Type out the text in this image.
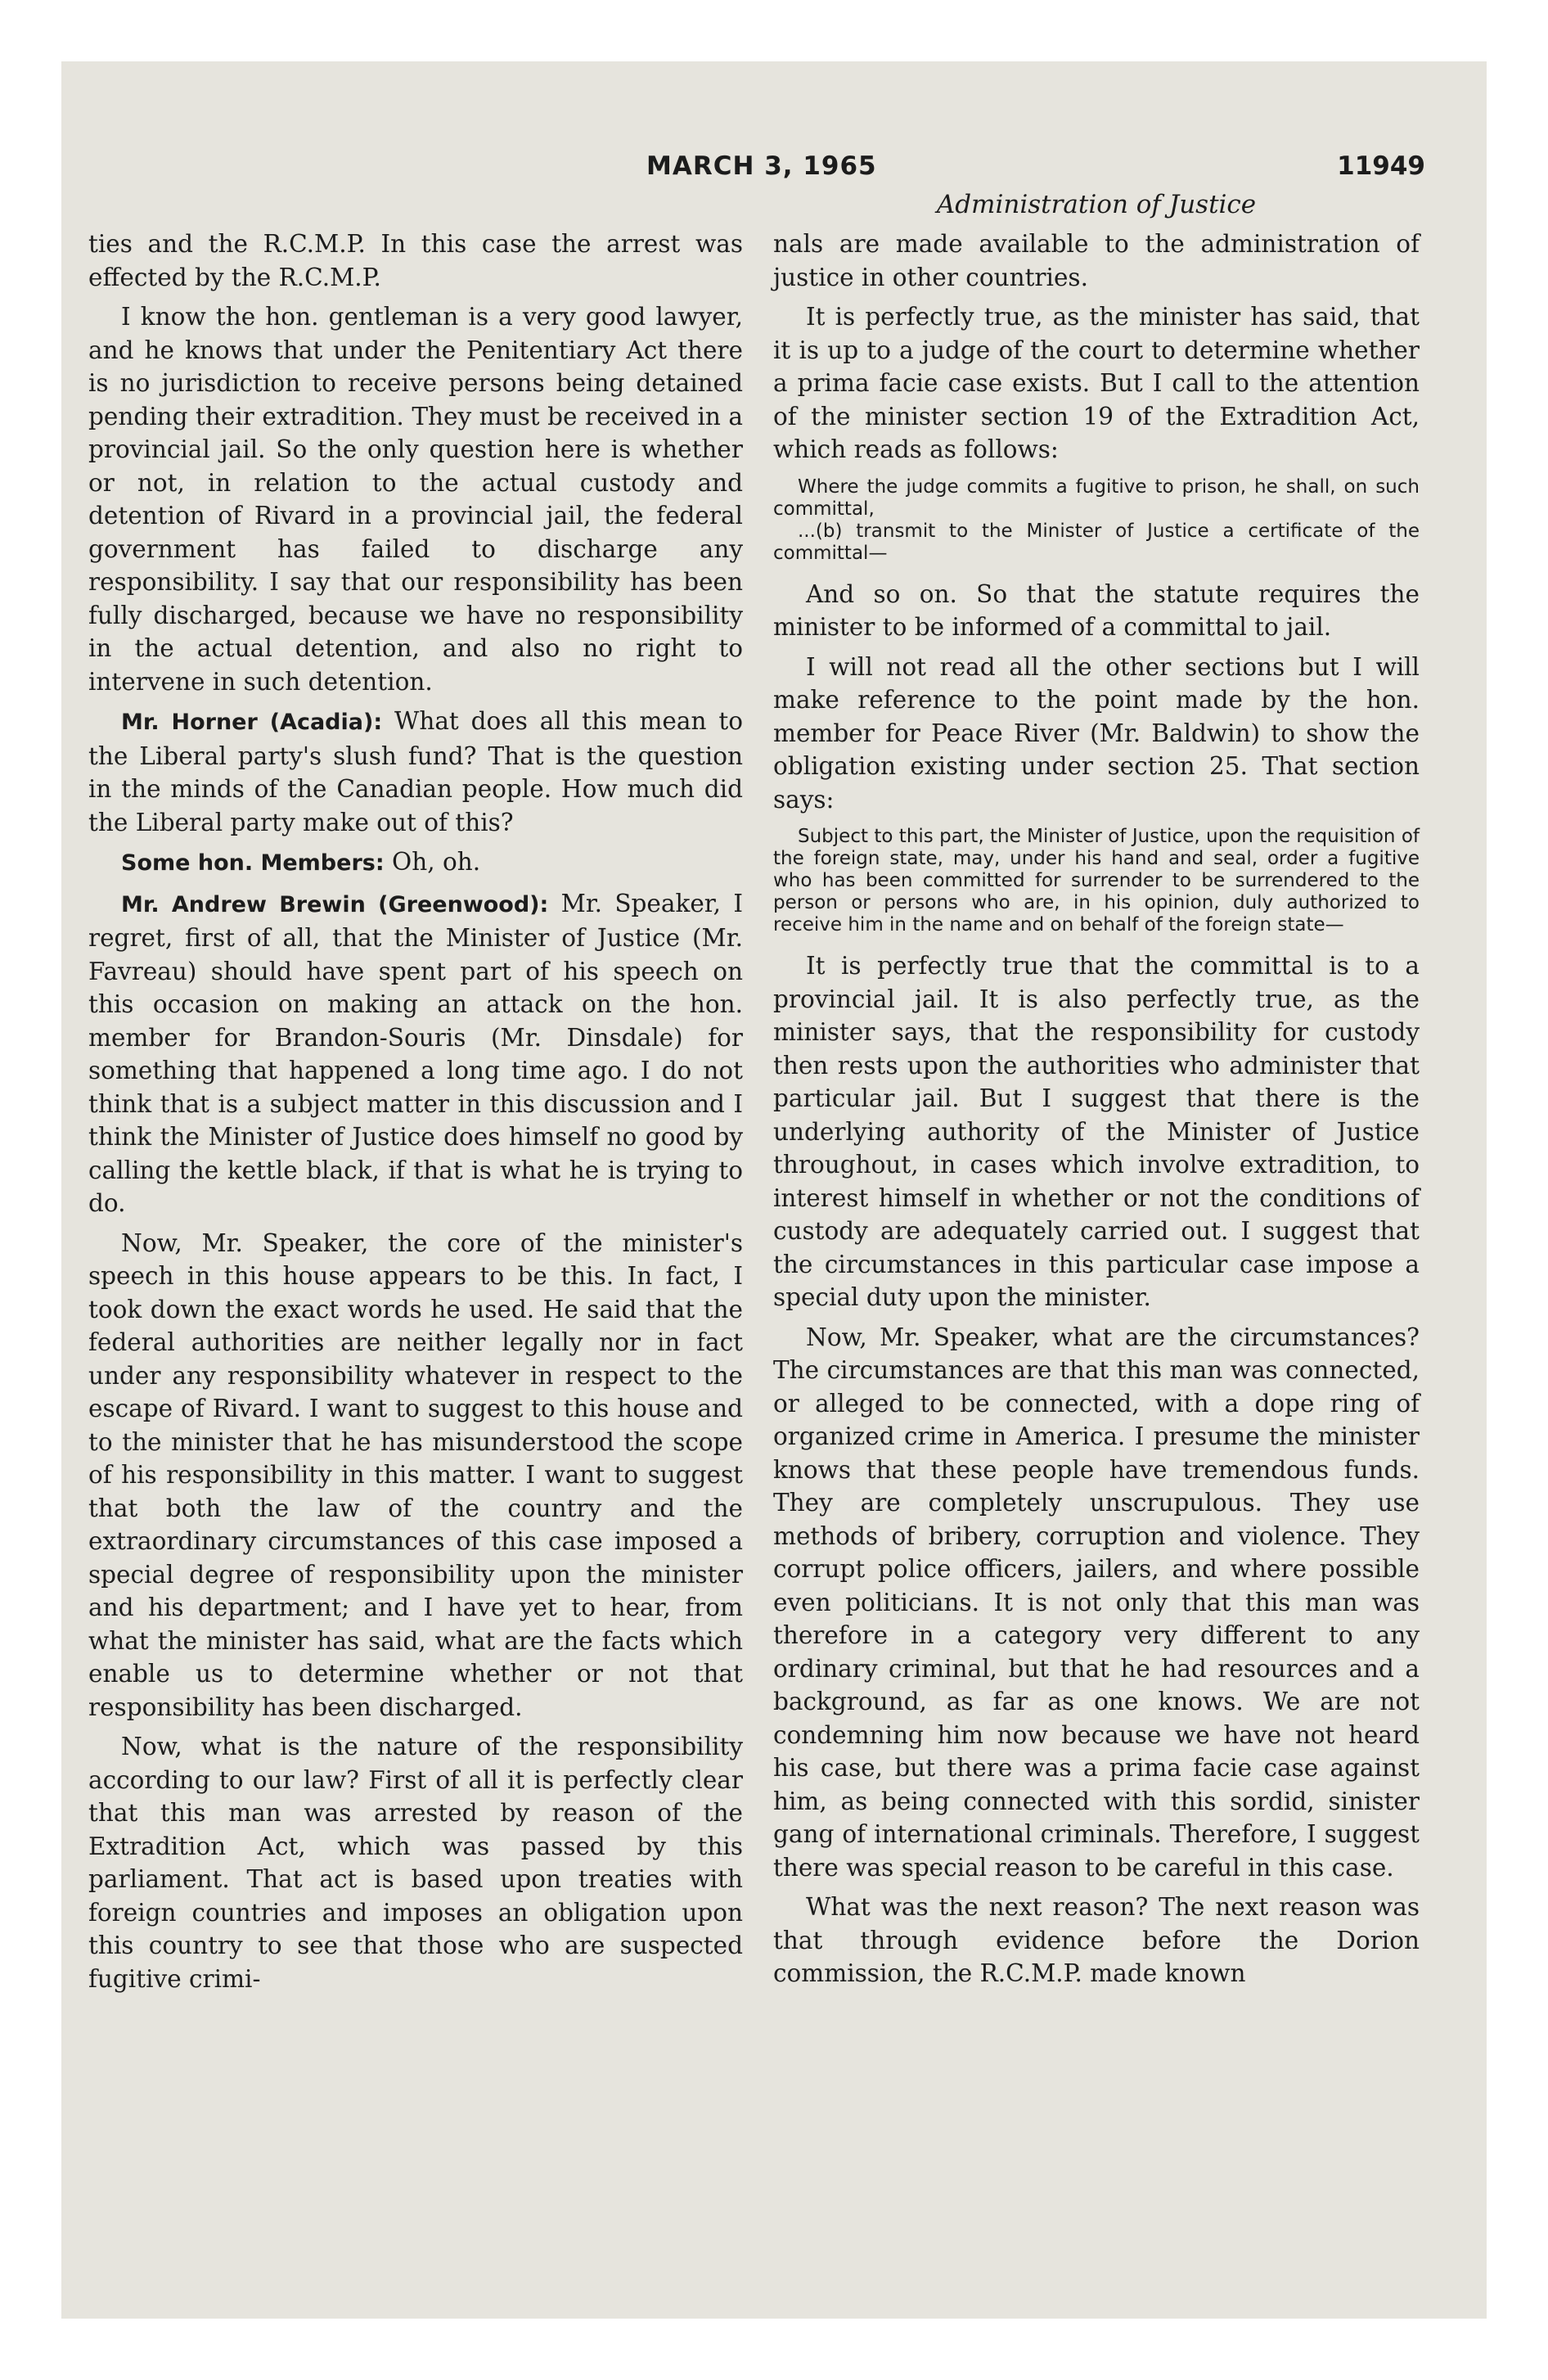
MARCH 3, 1965	11949
Administration of Justice

ties and the R.C.M.P. In this case the arrest was effected by the R.C.M.P.

I know the hon. gentleman is a very good lawyer, and he knows that under the Penitentiary Act there is no jurisdiction to receive persons being detained pending their extradition. They must be received in a provincial jail. So the only question here is whether or not, in relation to the actual custody and detention of Rivard in a provincial jail, the federal government has failed to discharge any responsibility. I say that our responsibility has been fully discharged, because we have no responsibility in the actual detention, and also no right to intervene in such detention.

Mr. Horner (Acadia): What does all this mean to the Liberal party's slush fund? That is the question in the minds of the Canadian people. How much did the Liberal party make out of this?

Some hon. Members: Oh, oh.

Mr. Andrew Brewin (Greenwood): Mr. Speaker, I regret, first of all, that the Minister of Justice (Mr. Favreau) should have spent part of his speech on this occasion on making an attack on the hon. member for Brandon-Souris (Mr. Dinsdale) for something that happened a long time ago. I do not think that is a subject matter in this discussion and I think the Minister of Justice does himself no good by calling the kettle black, if that is what he is trying to do.

Now, Mr. Speaker, the core of the minister's speech in this house appears to be this. In fact, I took down the exact words he used. He said that the federal authorities are neither legally nor in fact under any responsibility whatever in respect to the escape of Rivard. I want to suggest to this house and to the minister that he has misunderstood the scope of his responsibility in this matter. I want to suggest that both the law of the country and the extraordinary circumstances of this case imposed a special degree of responsibility upon the minister and his department; and I have yet to hear, from what the minister has said, what are the facts which enable us to determine whether or not that responsibility has been discharged.

Now, what is the nature of the responsibility according to our law? First of all it is perfectly clear that this man was arrested by reason of the Extradition Act, which was passed by this parliament. That act is based upon treaties with foreign countries and imposes an obligation upon this country to see that those who are suspected fugitive crimi-

nals are made available to the administration of justice in other countries.

It is perfectly true, as the minister has said, that it is up to a judge of the court to determine whether a prima facie case exists. But I call to the attention of the minister section 19 of the Extradition Act, which reads as follows:

Where the judge commits a fugitive to prison, he shall, on such committal,
...(b) transmit to the Minister of Justice a certificate of the committal—

And so on. So that the statute requires the minister to be informed of a committal to jail.

I will not read all the other sections but I will make reference to the point made by the hon. member for Peace River (Mr. Baldwin) to show the obligation existing under section 25. That section says:

Subject to this part, the Minister of Justice, upon the requisition of the foreign state, may, under his hand and seal, order a fugitive who has been committed for surrender to be surrendered to the person or persons who are, in his opinion, duly authorized to receive him in the name and on behalf of the foreign state—

It is perfectly true that the committal is to a provincial jail. It is also perfectly true, as the minister says, that the responsibility for custody then rests upon the authorities who administer that particular jail. But I suggest that there is the underlying authority of the Minister of Justice throughout, in cases which involve extradition, to interest himself in whether or not the conditions of custody are adequately carried out. I suggest that the circumstances in this particular case impose a special duty upon the minister.

Now, Mr. Speaker, what are the circumstances? The circumstances are that this man was connected, or alleged to be connected, with a dope ring of organized crime in America. I presume the minister knows that these people have tremendous funds. They are completely unscrupulous. They use methods of bribery, corruption and violence. They corrupt police officers, jailers, and where possible even politicians. It is not only that this man was therefore in a category very different to any ordinary criminal, but that he had resources and a background, as far as one knows. We are not condemning him now because we have not heard his case, but there was a prima facie case against him, as being connected with this sordid, sinister gang of international criminals. Therefore, I suggest there was special reason to be careful in this case.

What was the next reason? The next reason was that through evidence before the Dorion commission, the R.C.M.P. made known
